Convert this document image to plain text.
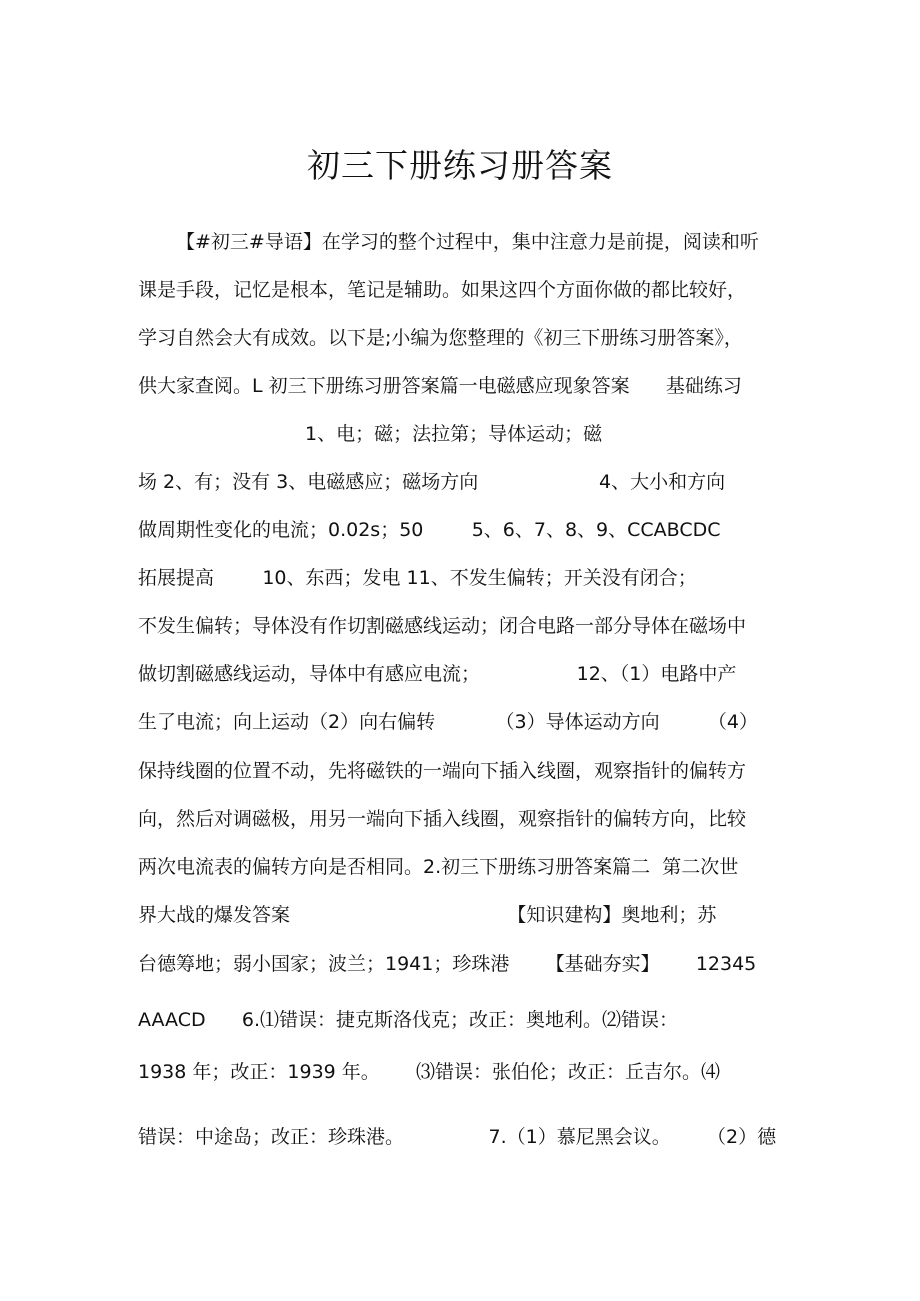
初三下册练习册答案
【#初三#导语】在学习的整个过程中，集中注意力是前提，阅读和听
课是手段，记忆是根本，笔记是辅助。如果这四个方面你做的都比较好，
学习自然会大有成效。以下是;小编为您整理的《初三下册练习册答案》，
供大家查阅。L 初三下册练习册答案篇一电磁感应现象答案      基础练习
1、电；磁；法拉第；导体运动；磁
场 2、有；没有 3、电磁感应；磁场方向                    4、大小和方向
做周期性变化的电流；0.02s；50        5、6、7、8、9、CCABCDC
拓展提高        10、东西；发电 11、不发生偏转；开关没有闭合；
不发生偏转；导体没有作切割磁感线运动；闭合电路一部分导体在磁场中
做切割磁感线运动，导体中有感应电流；                12、（1）电路中产
生了电流；向上运动（2）向右偏转          （3）导体运动方向        （4）
保持线圈的位置不动，先将磁铁的一端向下插入线圈，观察指针的偏转方
向，然后对调磁极，用另一端向下插入线圈，观察指针的偏转方向，比较
两次电流表的偏转方向是否相同。2.初三下册练习册答案篇二  第二次世
界大战的爆发答案                                    【知识建构】奥地利；苏
台德筹地；弱小国家；波兰；1941；珍珠港      【基础夯实】      12345
AAACD      6.⑴错误：捷克斯洛伐克；改正：奥地利。⑵错误：
1938 年；改正：1939 年。      ⑶错误：张伯伦；改正：丘吉尔。⑷
错误：中途岛；改正：珍珠港。              7.（1）慕尼黑会议。      （2）德
